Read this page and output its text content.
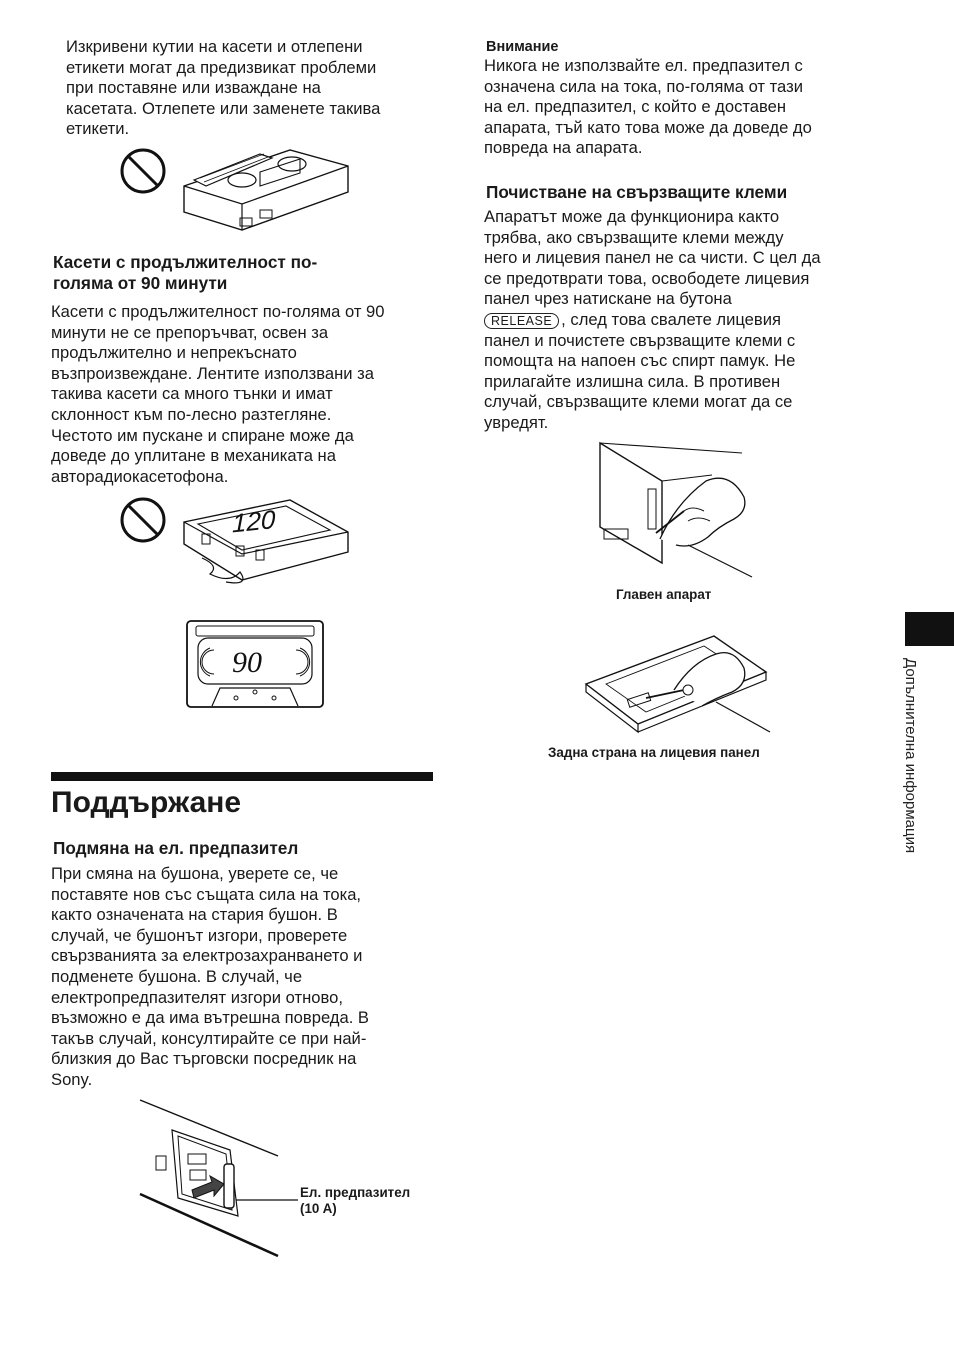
Изкривени кутии на касети и отлепени
етикети могат да предизвикат проблеми
при поставяне или изваждане на
касетата. Отлепете или заменете такива
етикети.

Касети с продължителност по-
голяма от 90 минути

Касети с продължителност по-голяма от 90
минути не се препоръчват, освен за
продължително и непрекъснато
възпроизвеждане. Лентите използвани за
такива касети са много тънки и имат
склонност към по-лесно разтегляне.
Честото им пускане и спиране може да
доведе до уплитане в механиката на
авторадиокасетофона.

120
90
Поддържане

Подмяна на ел. предпазител

При смяна на бушона, уверете се, че
поставяте нов със същата сила на тока,
както означената на стария бушон. В
случай, че бушонът изгори, проверете
свързванията за електрозахранването и
подменете бушона. В случай, че
електропредпазителят изгори отново,
възможно е да има вътрешна повреда. В
такъв случай, консултирайте се при най-
близкия до Вас търговски посредник на
Sony.

Ел. предпазител

(10 A)

Внимание

Никога не използвайте ел. предпазител с
означена сила на тока, по-голяма от тази
на ел. предпазител, с който е доставен
апарата, тъй като това може да доведе до
повреда на апарата.

Почистване на свързващите клеми

Апаратът може да функционира както
трябва, ако свързващите клеми между
него и лицевия панел не са чисти. С цел да
се предотврати това, освободете лицевия
панел чрез натискане на бутона
RELEASE , след това свалете лицевия
панел и почистете свързващите клеми с
помощта на напоен със спирт памук. Не
прилагайте излишна сила. В противен
случай, свързващите клеми могат да се
увредят.

Главен апарат

Задна страна на лицевия панел	Допълнителна информация
